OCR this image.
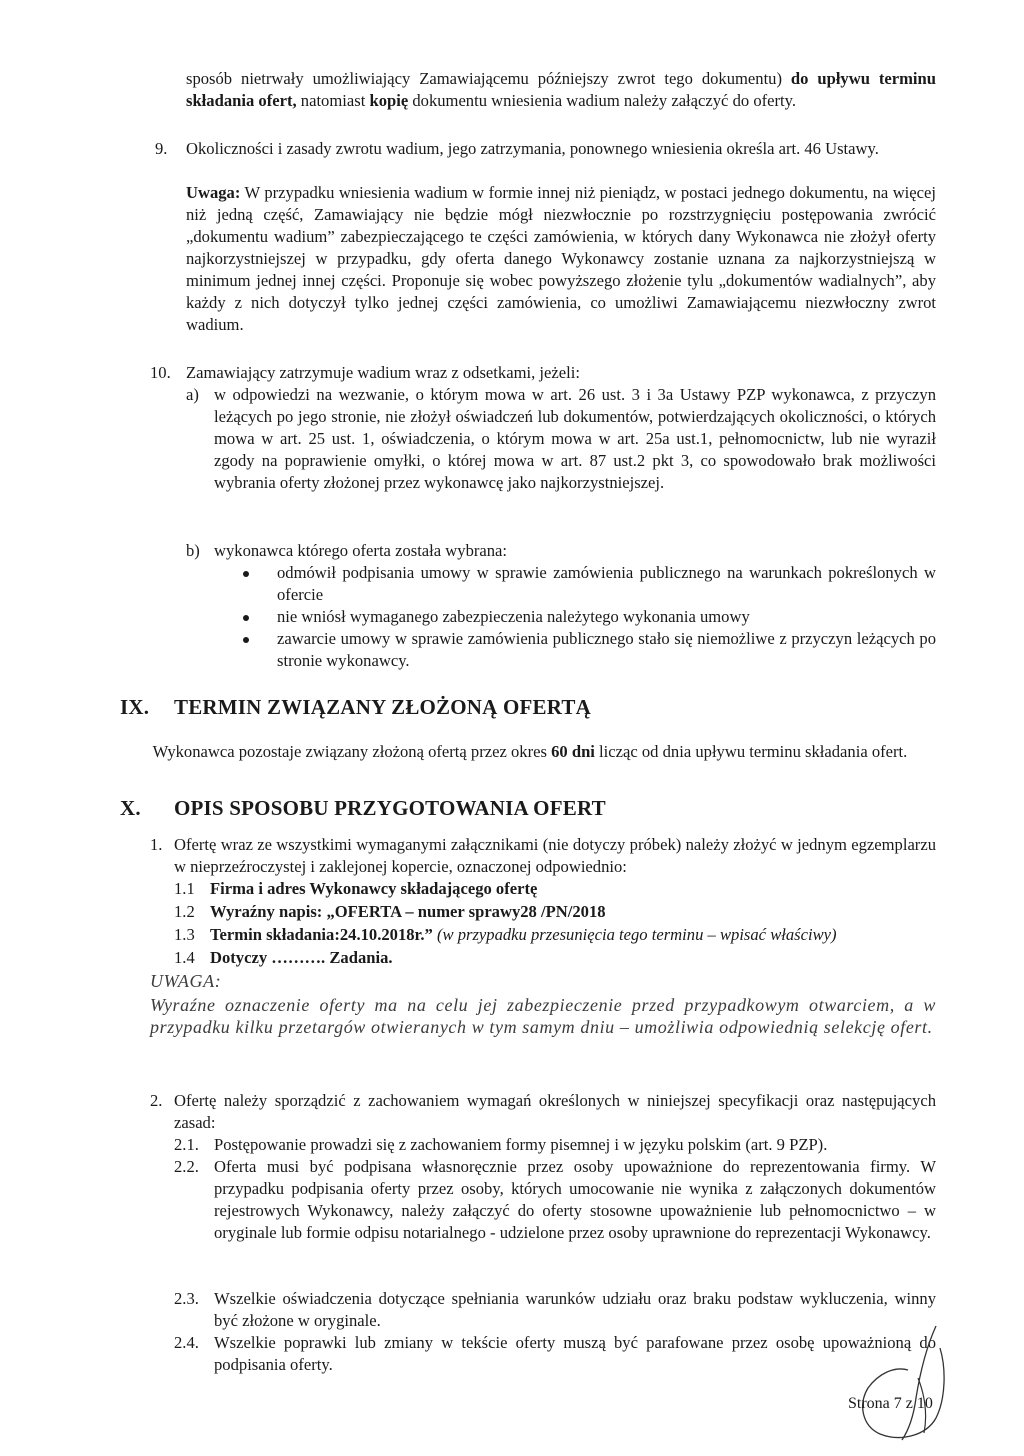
sposób nietrwały umożliwiający Zamawiającemu późniejszy zwrot tego dokumentu) do upływu terminu składania ofert, natomiast kopię dokumentu wniesienia wadium należy załączyć do oferty.

9. Okoliczności i zasady zwrotu wadium, jego zatrzymania, ponownego wniesienia określa art. 46 Ustawy.

Uwaga: W przypadku wniesienia wadium w formie innej niż pieniądz, w postaci jednego dokumentu, na więcej niż jedną część, Zamawiający nie będzie mógł niezwłocznie po rozstrzygnięciu postępowania zwrócić „dokumentu wadium” zabezpieczającego te części zamówienia, w których dany Wykonawca nie złożył oferty najkorzystniejszej w przypadku, gdy oferta danego Wykonawcy zostanie uznana za najkorzystniejszą w minimum jednej innej części. Proponuje się wobec powyższego złożenie tylu „dokumentów wadialnych”, aby każdy z nich dotyczył tylko jednej części zamówienia, co umożliwi Zamawiającemu niezwłoczny zwrot wadium.

10. Zamawiający zatrzymuje wadium wraz z odsetkami, jeżeli:

a) w odpowiedzi na wezwanie, o którym mowa w art. 26 ust. 3 i 3a Ustawy PZP wykonawca, z przyczyn leżących po jego stronie, nie złożył oświadczeń lub dokumentów, potwierdzających okoliczności, o których mowa w art. 25 ust. 1, oświadczenia, o którym mowa w art. 25a ust.1, pełnomocnictw, lub nie wyraził zgody na poprawienie omyłki, o której mowa w art. 87 ust.2 pkt 3, co spowodowało brak możliwości wybrania oferty złożonej przez wykonawcę jako najkorzystniejszej.

b) wykonawca którego oferta została wybrana:

odmówił podpisania umowy w sprawie zamówienia publicznego na warunkach pokreślonych w ofercie

nie wniósł wymaganego zabezpieczenia należytego wykonania umowy

zawarcie umowy w sprawie zamówienia publicznego stało się niemożliwe z przyczyn leżących po stronie wykonawcy.

IX. TERMIN ZWIĄZANY ZŁOŻONĄ OFERTĄ

Wykonawca pozostaje związany złożoną ofertą przez okres 60 dni licząc od dnia upływu terminu składania ofert.

X. OPIS SPOSOBU PRZYGOTOWANIA OFERT
1. Ofertę wraz ze wszystkimi wymaganymi załącznikami (nie dotyczy próbek) należy złożyć w jednym egzemplarzu w nieprzeźroczystej i zaklejonej kopercie, oznaczonej odpowiednio:

1.1 Firma i adres Wykonawcy składającego ofertę

1.2 Wyraźny napis: „OFERTA – numer sprawy28 /PN/2018

1.3 Termin składania:24.10.2018r.” (w przypadku przesunięcia tego terminu – wpisać właściwy)

1.4 Dotyczy ………. Zadania.

UWAGA:

Wyraźne oznaczenie oferty ma na celu jej zabezpieczenie przed przypadkowym otwarciem, a w przypadku kilku przetargów otwieranych w tym samym dniu – umożliwia odpowiednią selekcję ofert.

2. Ofertę należy sporządzić z zachowaniem wymagań określonych w niniejszej specyfikacji oraz następujących zasad:

2.1. Postępowanie prowadzi się z zachowaniem formy pisemnej i w języku polskim (art. 9 PZP).

2.2. Oferta musi być podpisana własnoręcznie przez osoby upoważnione do reprezentowania firmy. W przypadku podpisania oferty przez osoby, których umocowanie nie wynika z załączonych dokumentów rejestrowych Wykonawcy, należy załączyć do oferty stosowne upoważnienie lub pełnomocnictwo – w oryginale lub formie odpisu notarialnego - udzielone przez osoby uprawnione do reprezentacji Wykonawcy.

2.3. Wszelkie oświadczenia dotyczące spełniania warunków udziału oraz braku podstaw wykluczenia, winny być złożone w oryginale.

2.4. Wszelkie poprawki lub zmiany w tekście oferty muszą być parafowane przez osobę upoważnioną do podpisania oferty.

Strona 7 z 10
